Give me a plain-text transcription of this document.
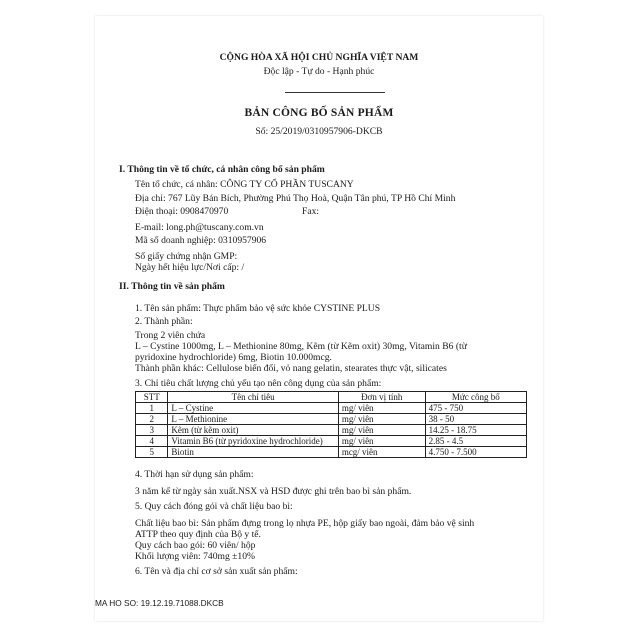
CỘNG HÒA XÃ HỘI CHỦ NGHĨA VIỆT NAM
Độc lập - Tự do - Hạnh phúc
BẢN CÔNG BỐ SẢN PHẨM
Số: 25/2019/0310957906-DKCB
I. Thông tin về tổ chức, cá nhân công bố sản phẩm
Tên tổ chức, cá nhân: CÔNG TY CỔ PHẦN TUSCANY
Địa chỉ: 767 Lũy Bán Bích, Phường Phú Thọ Hoà, Quận Tân phú, TP Hồ Chí Minh
Điện thoại: 0908470970	Fax:
E-mail: long.ph@tuscany.com.vn
Mã số doanh nghiệp: 0310957906
Số giấy chứng nhận GMP:
Ngày hết hiệu lực/Nơi cấp: /
II. Thông tin về sản phẩm
1. Tên sản phẩm: Thực phẩm bảo vệ sức khỏe CYSTINE PLUS
2. Thành phần:
Trong 2 viên chứa
L – Cystine 1000mg, L – Methionine 80mg, Kẽm (từ Kẽm oxit) 30mg, Vitamin B6 (từ
pyridoxine hydrochloride) 6mg, Biotin 10.000mcg.
Thành phần khác: Cellulose biến đổi, vỏ nang gelatin, stearates thực vật, silicates
3. Chỉ tiêu chất lượng chủ yếu tạo nên công dụng của sản phẩm:
STT	Tên chỉ tiêu	Đơn vị tính	Mức công bố
1	L – Cystine	mg/ viên	475 - 750
2	L – Methionine	mg/ viên	38 - 50
3	Kẽm (từ kẽm oxit)	mg/ viên	14.25 - 18.75
4	Vitamin B6 (từ pyridoxine hydrochloride)	mg/ viên	2.85 - 4.5
5	Biotin	mcg/ viên	4.750 - 7.500
4. Thời hạn sử dụng sản phẩm:
3 năm kể từ ngày sản xuất.NSX và HSD được ghi trên bao bì sản phẩm.
5. Quy cách đóng gói và chất liệu bao bì:
Chất liệu bao bì: Sản phẩm đựng trong lọ nhựa PE, hộp giấy bao ngoài, đảm bảo vệ sinh
ATTP theo quy định của Bộ y tế.
Quy cách bao gói: 60 viên/ hộp
Khối lượng viên: 740mg ±10%
6. Tên và địa chỉ cơ sở sản xuất sản phẩm:
MA HO SO: 19.12.19.71088.DKCB
